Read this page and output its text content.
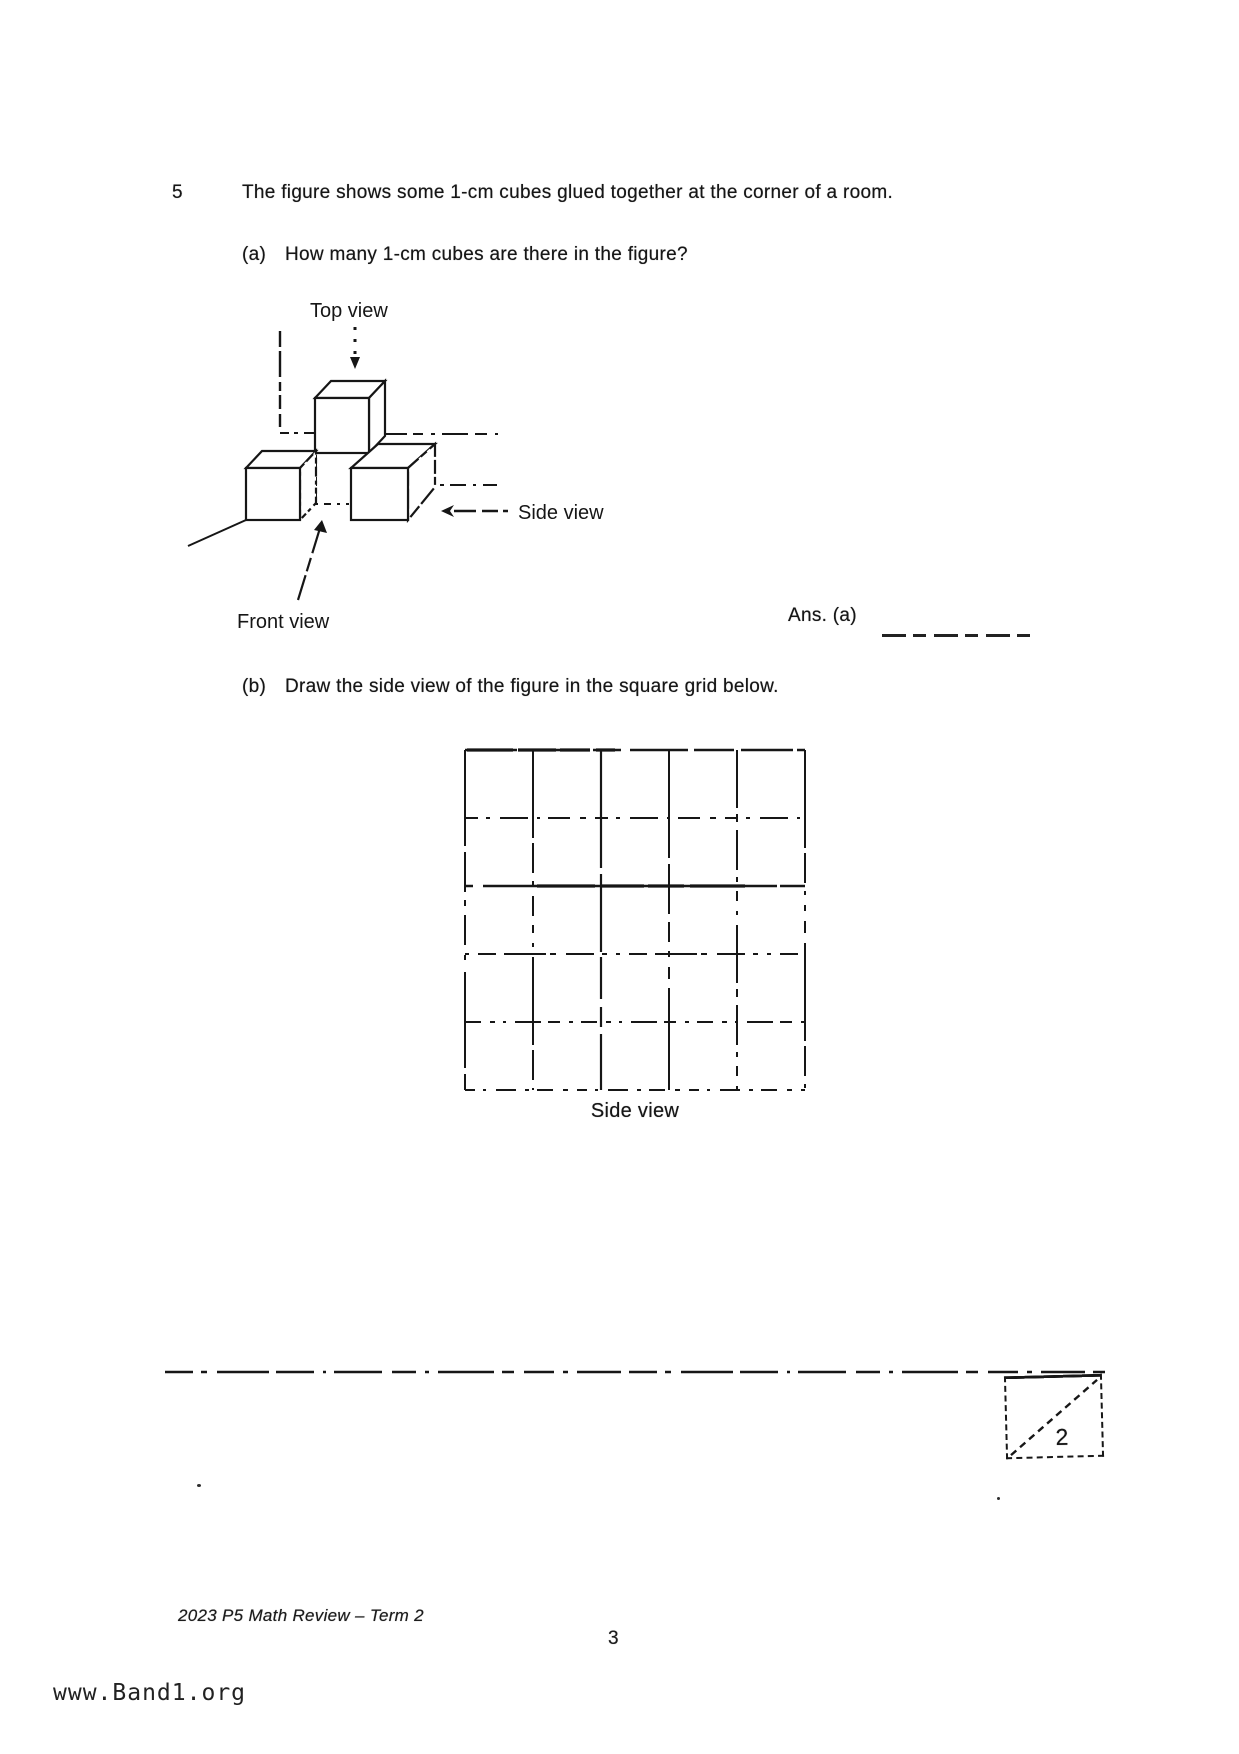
5	The figure shows some 1-cm cubes glued together at the corner of a room.
(a) How many 1-cm cubes are there in the figure?
Top view
Side view
Front view	Ans. (a)
(b) Draw the side view of the figure in the square grid below.
Side view
2
2023 P5 Math Review – Term 2
3
www.Band1.org
